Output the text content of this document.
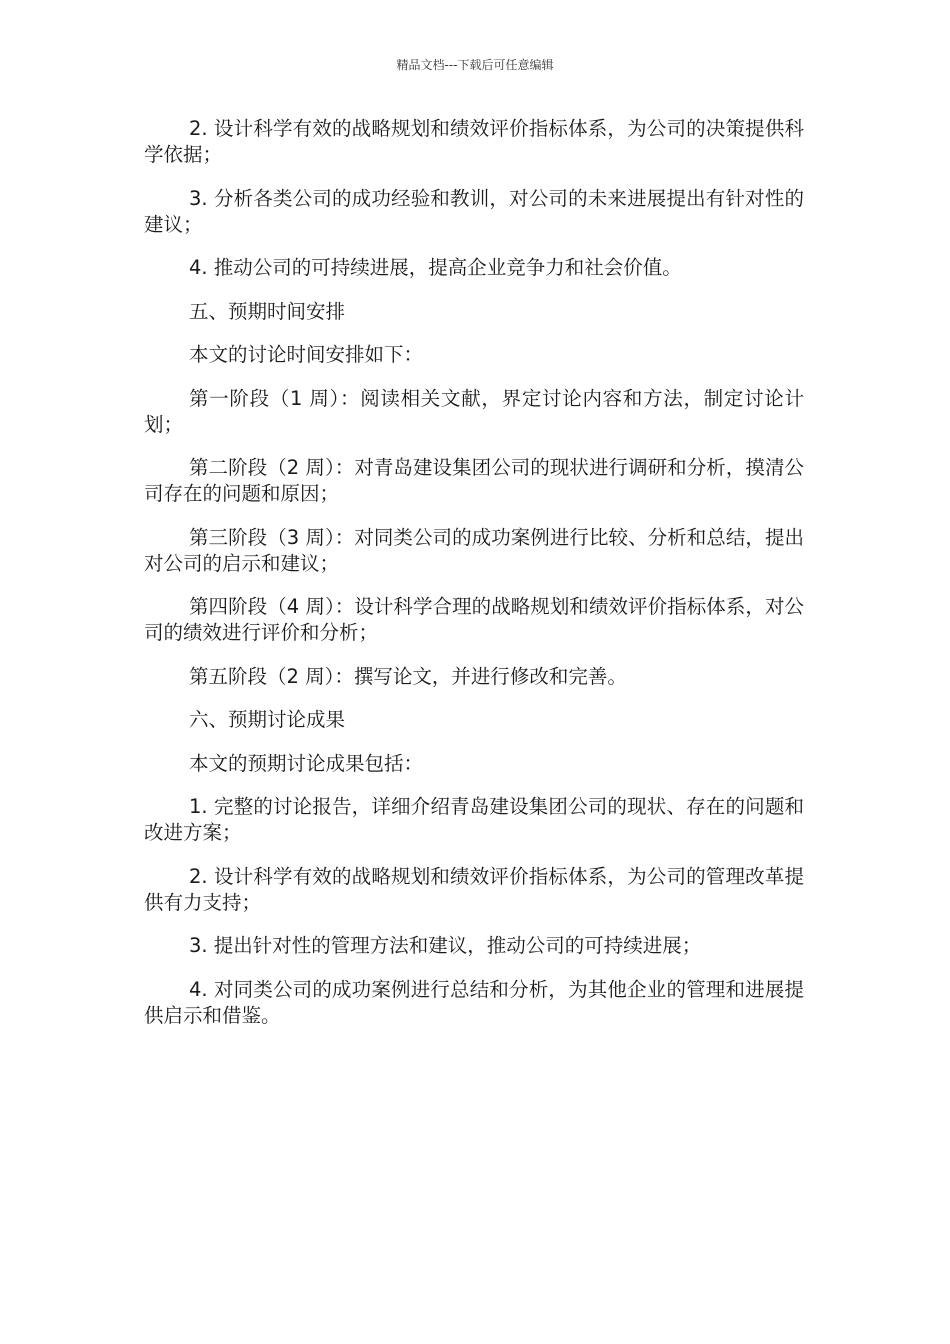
精品文档---下载后可任意编辑

2. 设计科学有效的战略规划和绩效评价指标体系，为公司的决策提供科学依据；

3. 分析各类公司的成功经验和教训，对公司的未来进展提出有针对性的建议；

4. 推动公司的可持续进展，提高企业竞争力和社会价值。

五、预期时间安排

本文的讨论时间安排如下：

第一阶段（1 周）：阅读相关文献，界定讨论内容和方法，制定讨论计划；

第二阶段（2 周）：对青岛建设集团公司的现状进行调研和分析，摸清公司存在的问题和原因；

第三阶段（3 周）：对同类公司的成功案例进行比较、分析和总结，提出对公司的启示和建议；

第四阶段（4 周）：设计科学合理的战略规划和绩效评价指标体系，对公司的绩效进行评价和分析；

第五阶段（2 周）：撰写论文，并进行修改和完善。

六、预期讨论成果

本文的预期讨论成果包括：

1. 完整的讨论报告，详细介绍青岛建设集团公司的现状、存在的问题和改进方案；

2. 设计科学有效的战略规划和绩效评价指标体系，为公司的管理改革提供有力支持；

3. 提出针对性的管理方法和建议，推动公司的可持续进展；

4. 对同类公司的成功案例进行总结和分析，为其他企业的管理和进展提供启示和借鉴。
